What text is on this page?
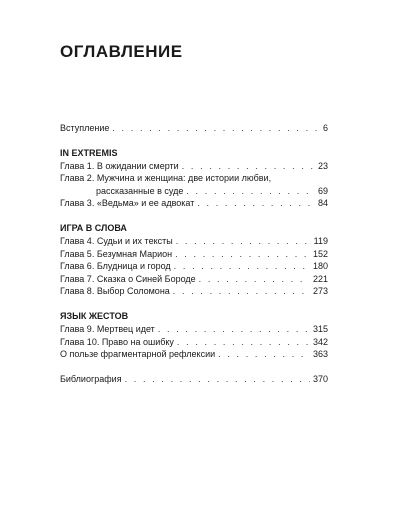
ОГЛАВЛЕНИЕ
Вступление . . .	6
IN EXTREMIS
Глава 1. В ожидании смерти . . .	23
Глава 2. Мужчина и женщина: две истории любви,
рассказанные в суде . . .	69
Глава 3. «Ведьма» и ее адвокат . . .	84
ИГРА В СЛОВА
Глава 4. Судьи и их тексты . . .	119
Глава 5. Безумная Марион . . .	152
Глава 6. Блудница и город . . .	180
Глава 7. Сказка о Синей Бороде . . .	221
Глава 8. Выбор Соломона . . .	273
ЯЗЫК ЖЕСТОВ
Глава 9. Мертвец идет . . .	315
Глава 10. Право на ошибку . . .	342
О пользе фрагментарной рефлексии . . .	363
Библиография . . .	370
